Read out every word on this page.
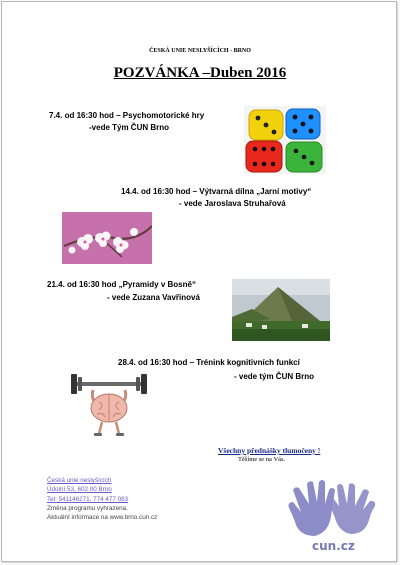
ČESKÁ UNIE NESLYŠÍCÍCH - BRNO
POZVÁNKA –Duben 2016
7.4. od 16:30 hod – Psychomotorické hry
-vede Tým ČUN Brno
14.4. od 16:30 hod – Výtvarná dílna „Jarní motivy“
- vede Jaroslava Struhařová
21.4. od 16:30 hod „Pyramidy v Bosně“
- vede Zuzana Vavřinová
28.4. od 16:30 hod – Trénink kognitivních funkcí
- vede tým ČUN Brno
Všechny přednášky tlumočeny !
Těšíme se na Vás.
Česká unie neslyšících
Údolní 53, 602 00 Brno
Tel: 541146271, 774 477 083
Změna programu vyhrazena.
Aktuální informace na www.brno.cun.cz
cun.cz
